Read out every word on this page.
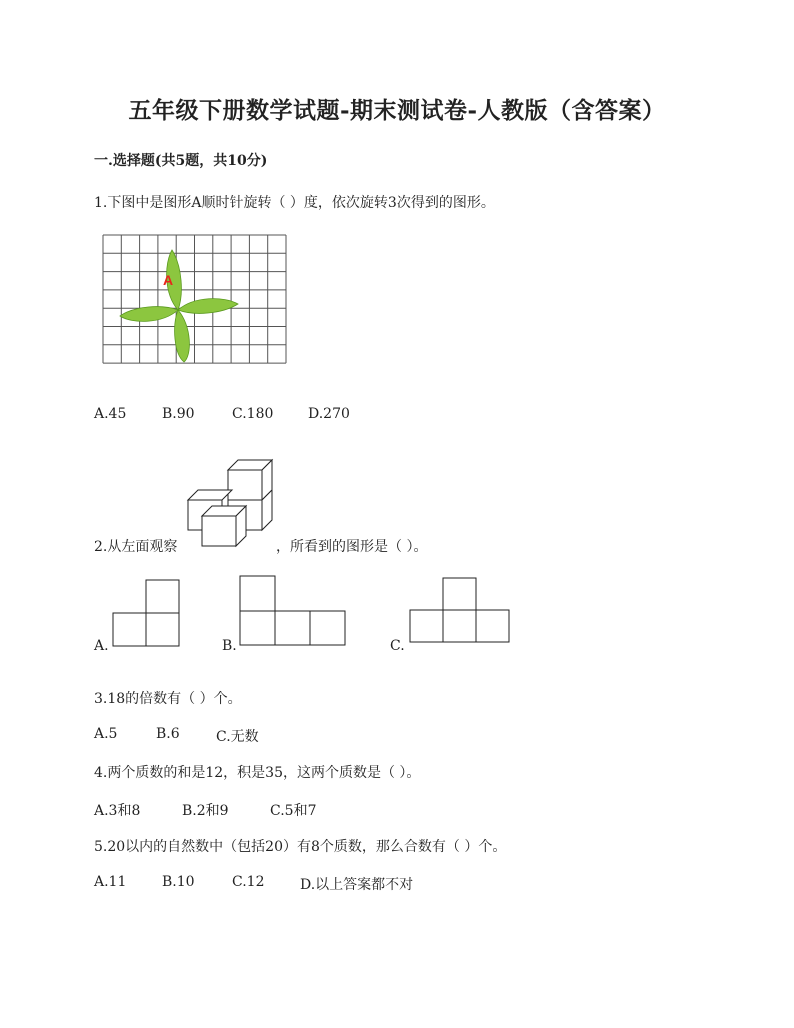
五年级下册数学试题-期末测试卷-人教版（含答案）
一.选择题(共5题，共10分)
1.下图中是图形A顺时针旋转（ ）度，依次旋转3次得到的图形。
A
A.45	B.90	C.180 D.270
2.从左面观察	，所看到的图形是（ ）。
A.	B.	C.
3.18的倍数有（ ）个。
A.5	B.6	C.无数
4.两个质数的和是12，积是35，这两个质数是（ ）。
A.3和8	B.2和9	C.5和7
5.20以内的自然数中（包括20）有8个质数，那么合数有（ ）个。
A.11	B.10	C.12	D.以上答案都不对
